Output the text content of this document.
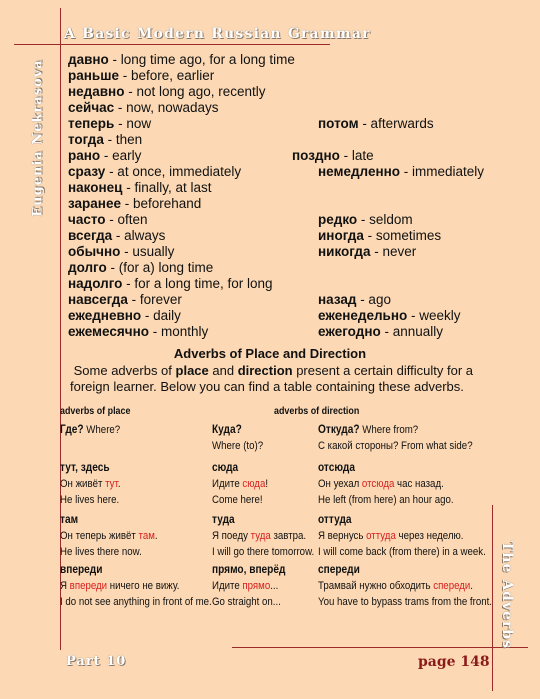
A Basic Modern Russian Grammar
Eugenia Nekrasova
The Adverbs
Part 10	page 148
давно - long time ago, for a long time
раньше - before, earlier
недавно - not long ago, recently
сейчас - now, nowadays
теперь - now
тогда - then
рано - early
сразу - at once, immediately
наконец - finally, at last
заранее - beforehand
часто - often
всегда - always
обычно - usually
долго - (for a) long time
надолго - for a long time, for long
навсегда - forever
ежедневно - daily
ежемесячно - monthly
потом - afterwards
поздно - late
немедленно - immediately
редко - seldom
иногда - sometimes
никогда - never
назад - ago
еженедельно - weekly
ежегодно - annually
Adverbs of Place and Direction
Some adverbs of place and direction present a certain difficulty for a foreign learner. Below you can find a table containing these adverbs.
adverbs of place	adverbs of direction
Где? Where?
тут, здесь
Он живёт тут.
He lives here.
там
Он теперь живёт там.
He lives there now.
впереди
Я впереди ничего не вижу.
I do not see anything in front of me.
Куда?
Where (to)?
сюда
Идите сюда!
Come here!
туда
Я поеду туда завтра.
I will go there tomorrow.
прямо, вперёд
Идите прямо...
Go straight on...
Откуда? Where from?
С какой стороны? From what side?
отсюда
Он уехал отсюда час назад.
He left (from here) an hour ago.
оттуда
Я вернусь оттуда через неделю.
I will come back (from there) in a week.
спереди
Трамвай нужно обходить спереди.
You have to bypass trams from the front.
